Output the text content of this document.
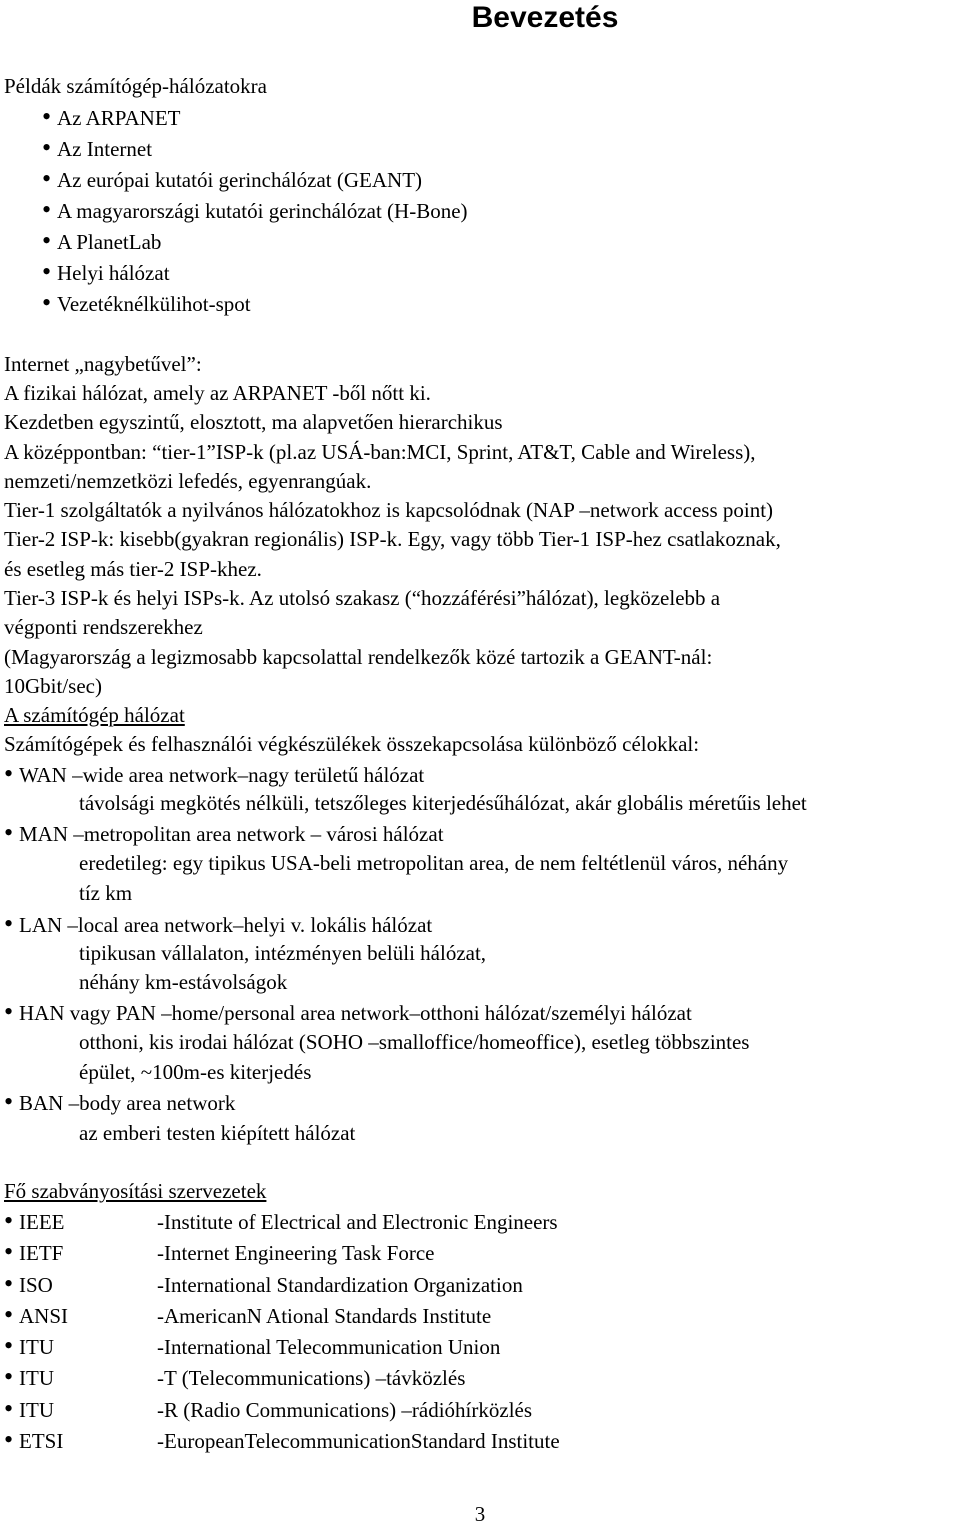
Bevezetés
Példák számítógép-hálózatokra
• Az ARPANET
• Az Internet
• Az európai kutatói gerinchálózat (GEANT)
• A magyarországi kutatói gerinchálózat (H-Bone)
• A PlanetLab
• Helyi hálózat
• Vezetéknélkülihot-spot
Internet „nagybetűvel”:
A fizikai hálózat, amely az ARPANET -ből nőtt ki.
Kezdetben egyszintű, elosztott, ma alapvetően hierarchikus
A középpontban: “tier-1”ISP-k (pl.az USÁ-ban:MCI, Sprint, AT&T, Cable and Wireless),
nemzeti/nemzetközi lefedés, egyenrangúak.
Tier-1 szolgáltatók a nyilvános hálózatokhoz is kapcsolódnak (NAP –network access point)
Tier-2 ISP-k: kisebb(gyakran regionális) ISP-k. Egy, vagy több Tier-1 ISP-hez csatlakoznak,
és esetleg más tier-2 ISP-khez.
Tier-3 ISP-k és helyi ISPs-k. Az utolsó szakasz (“hozzáférési”hálózat), legközelebb a
végponti rendszerekhez
(Magyarország a legizmosabb kapcsolattal rendelkezők közé tartozik a GEANT-nál:
10Gbit/sec)
A számítógép hálózat
Számítógépek és felhasználói végkészülékek összekapcsolása különböző célokkal:
• WAN –wide area network–nagy területű hálózat
távolsági megkötés nélküli, tetszőleges kiterjedésűhálózat, akár globális méretűis lehet
• MAN –metropolitan area network – városi hálózat
eredetileg: egy tipikus USA-beli metropolitan area, de nem feltétlenül város, néhány
tíz km
• LAN –local area network–helyi v. lokális hálózat
tipikusan vállalaton, intézményen belüli hálózat,
néhány km-estávolságok
• HAN vagy PAN –home/personal area network–otthoni hálózat/személyi hálózat
otthoni, kis irodai hálózat (SOHO –smalloffice/homeoffice), esetleg többszintes
épület, ~100m-es kiterjedés
• BAN –body area network
az emberi testen kiépített hálózat
Fő szabványosítási szervezetek
• IEEE	-Institute of Electrical and Electronic Engineers
• IETF	-Internet Engineering Task Force
• ISO	-International Standardization Organization
• ANSI	-AmericanN Ational Standards Institute
• ITU	-International Telecommunication Union
• ITU	-T (Telecommunications) –távközlés
• ITU	-R (Radio Communications) –rádióhírközlés
• ETSI	-EuropeanTelecommunicationStandard Institute
3
